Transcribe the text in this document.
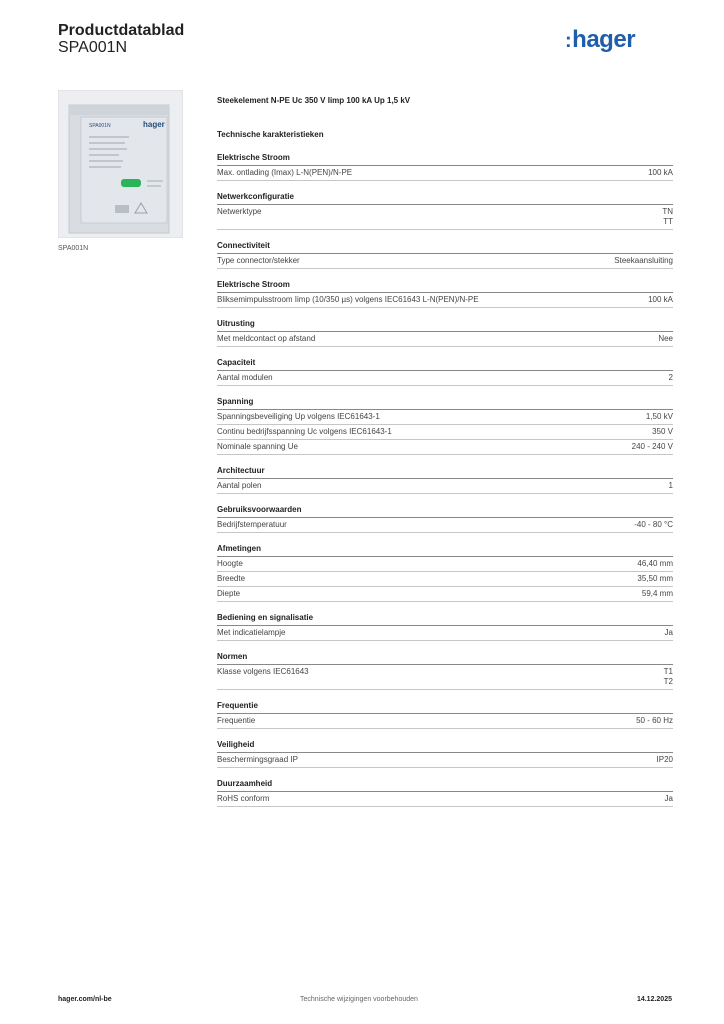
Productdatablad
SPA001N	:hager
SPA001N	hager
SPA001N
Steekelement N-PE Uc 350 V Iimp 100 kA Up 1,5 kV
Technische karakteristieken
Elektrische Stroom
Max. ontlading (Imax) L-N(PEN)/N-PE	100 kA
Netwerkconfiguratie
Netwerktype	TN
TT
Connectiviteit
Type connector/stekker	Steekaansluiting
Elektrische Stroom
Bliksemimpulsstroom Iimp (10/350 µs) volgens IEC61643 L-N(PEN)/N-PE	100 kA
Uitrusting
Met meldcontact op afstand	Nee
Capaciteit
Aantal modulen	2
Spanning
Spanningsbeveiliging Up volgens IEC61643-1	1,50 kV
Continu bedrijfsspanning Uc volgens IEC61643-1	350 V
Nominale spanning Ue	240 - 240 V
Architectuur
Aantal polen	1
Gebruiksvoorwaarden
Bedrijfstemperatuur	-40 - 80 °C
Afmetingen
Hoogte	46,40 mm
Breedte	35,50 mm
Diepte	59,4 mm
Bediening en signalisatie
Met indicatielampje	Ja
Normen
Klasse volgens IEC61643	T1
T2
Frequentie
Frequentie	50 - 60 Hz
Veiligheid
Beschermingsgraad IP	IP20
Duurzaamheid
RoHS conform	Ja
hager.com/nl-be	Technische wijzigingen voorbehouden	14.12.2025
